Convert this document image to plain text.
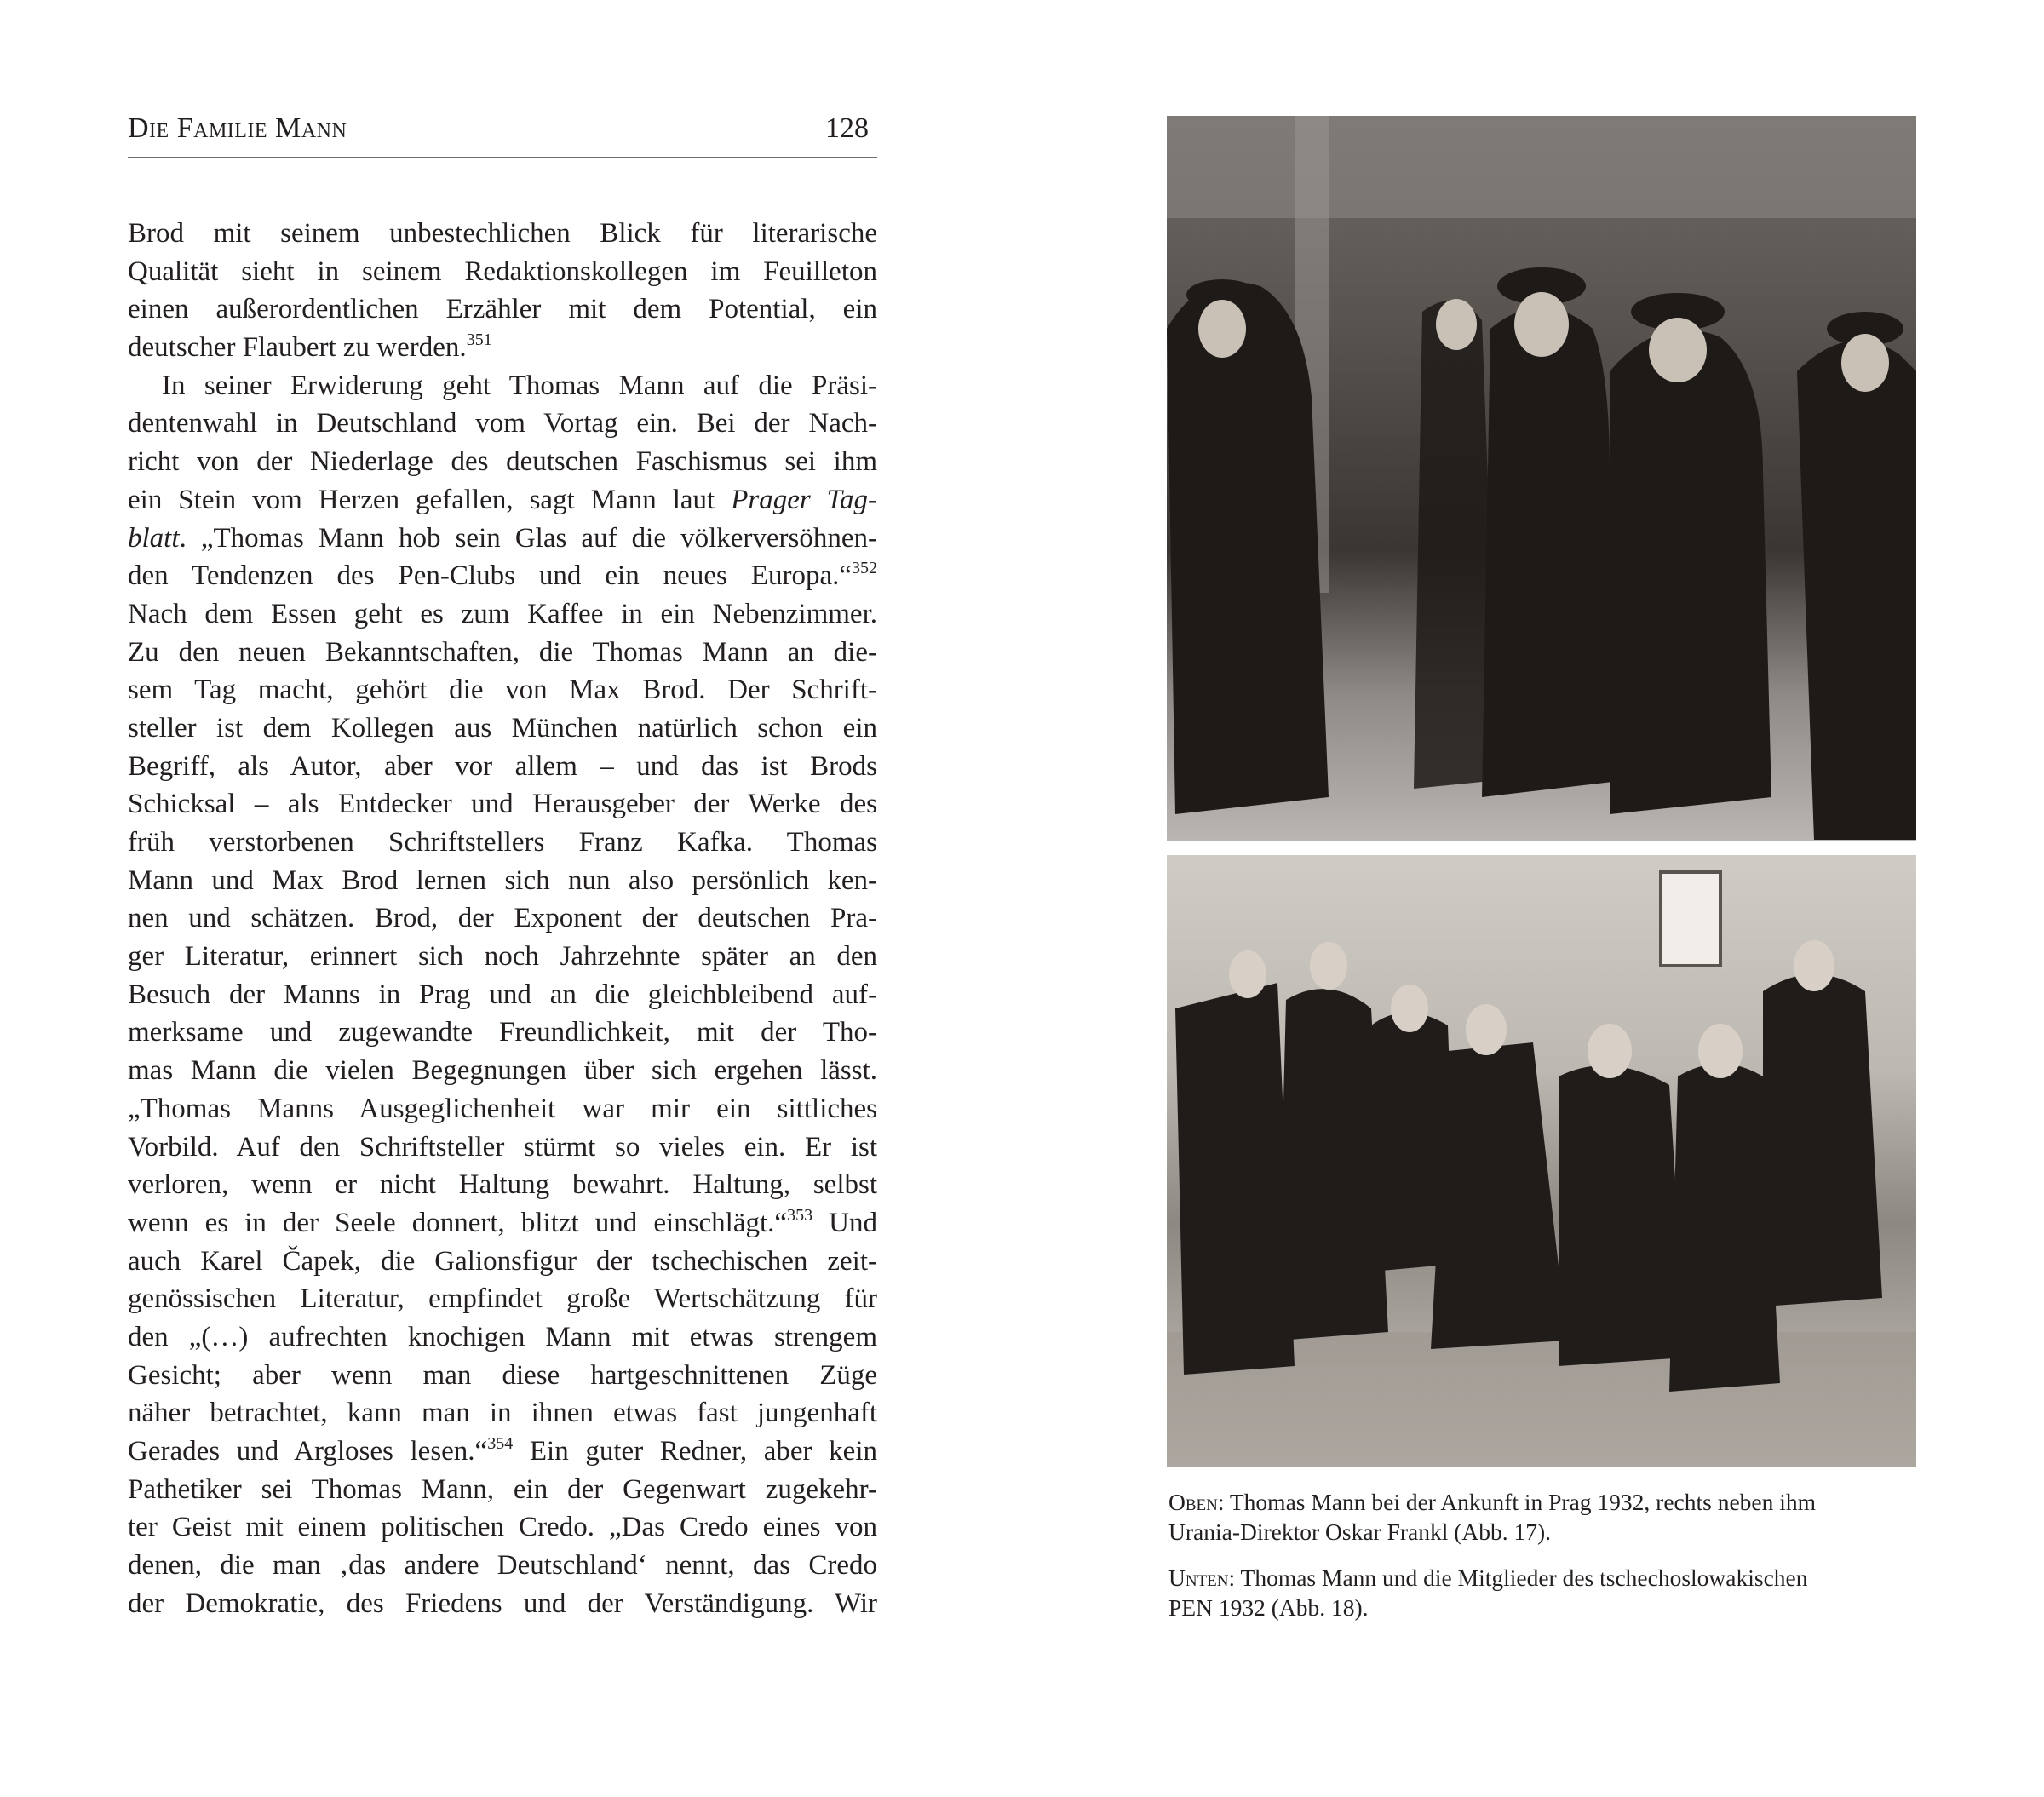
Die Familie Mann	128
Brod mit seinem unbestechlichen Blick für literarische
Qualität sieht in seinem Redaktionskollegen im Feuilleton
einen außerordentlichen Erzähler mit dem Potential, ein
deutscher Flaubert zu werden.$^{351}$
In seiner Erwiderung geht Thomas Mann auf die Präsi-
dentenwahl in Deutschland vom Vortag ein. Bei der Nach-
richt von der Niederlage des deutschen Faschismus sei ihm
ein Stein vom Herzen gefallen, sagt Mann laut Prager Tag-
blatt. „Thomas Mann hob sein Glas auf die völkerversöhnen-
den Tendenzen des Pen-Clubs und ein neues Europa.“$^{352}$
Nach dem Essen geht es zum Kaffee in ein Nebenzimmer.
Zu den neuen Bekanntschaften, die Thomas Mann an die-
sem Tag macht, gehört die von Max Brod. Der Schrift-
steller ist dem Kollegen aus München natürlich schon ein
Begriff, als Autor, aber vor allem – und das ist Brods
Schicksal – als Entdecker und Herausgeber der Werke des
früh verstorbenen Schriftstellers Franz Kafka. Thomas
Mann und Max Brod lernen sich nun also persönlich ken-
nen und schätzen. Brod, der Exponent der deutschen Pra-
ger Literatur, erinnert sich noch Jahrzehnte später an den
Besuch der Manns in Prag und an die gleichbleibend auf-
merksame und zugewandte Freundlichkeit, mit der Tho-
mas Mann die vielen Begegnungen über sich ergehen lässt.
„Thomas Manns Ausgeglichenheit war mir ein sittliches
Vorbild. Auf den Schriftsteller stürmt so vieles ein. Er ist
verloren, wenn er nicht Haltung bewahrt. Haltung, selbst
wenn es in der Seele donnert, blitzt und einschlägt.“$^{353}$ Und
auch Karel Čapek, die Galionsfigur der tschechischen zeit-
genössischen Literatur, empfindet große Wertschätzung für
den „(…) aufrechten knochigen Mann mit etwas strengem
Gesicht; aber wenn man diese hartgeschnittenen Züge
näher betrachtet, kann man in ihnen etwas fast jungenhaft
Gerades und Argloses lesen.“$^{354}$ Ein guter Redner, aber kein
Pathetiker sei Thomas Mann, ein der Gegenwart zugekehr-
ter Geist mit einem politischen Credo. „Das Credo eines von
denen, die man ‚das andere Deutschland‘ nennt, das Credo
der Demokratie, des Friedens und der Verständigung. Wir
Oben: Thomas Mann bei der Ankunft in Prag 1932, rechts neben ihm
Urania-Direktor Oskar Frankl (Abb. 17).
Unten: Thomas Mann und die Mitglieder des tschechoslowakischen
PEN 1932 (Abb. 18).
